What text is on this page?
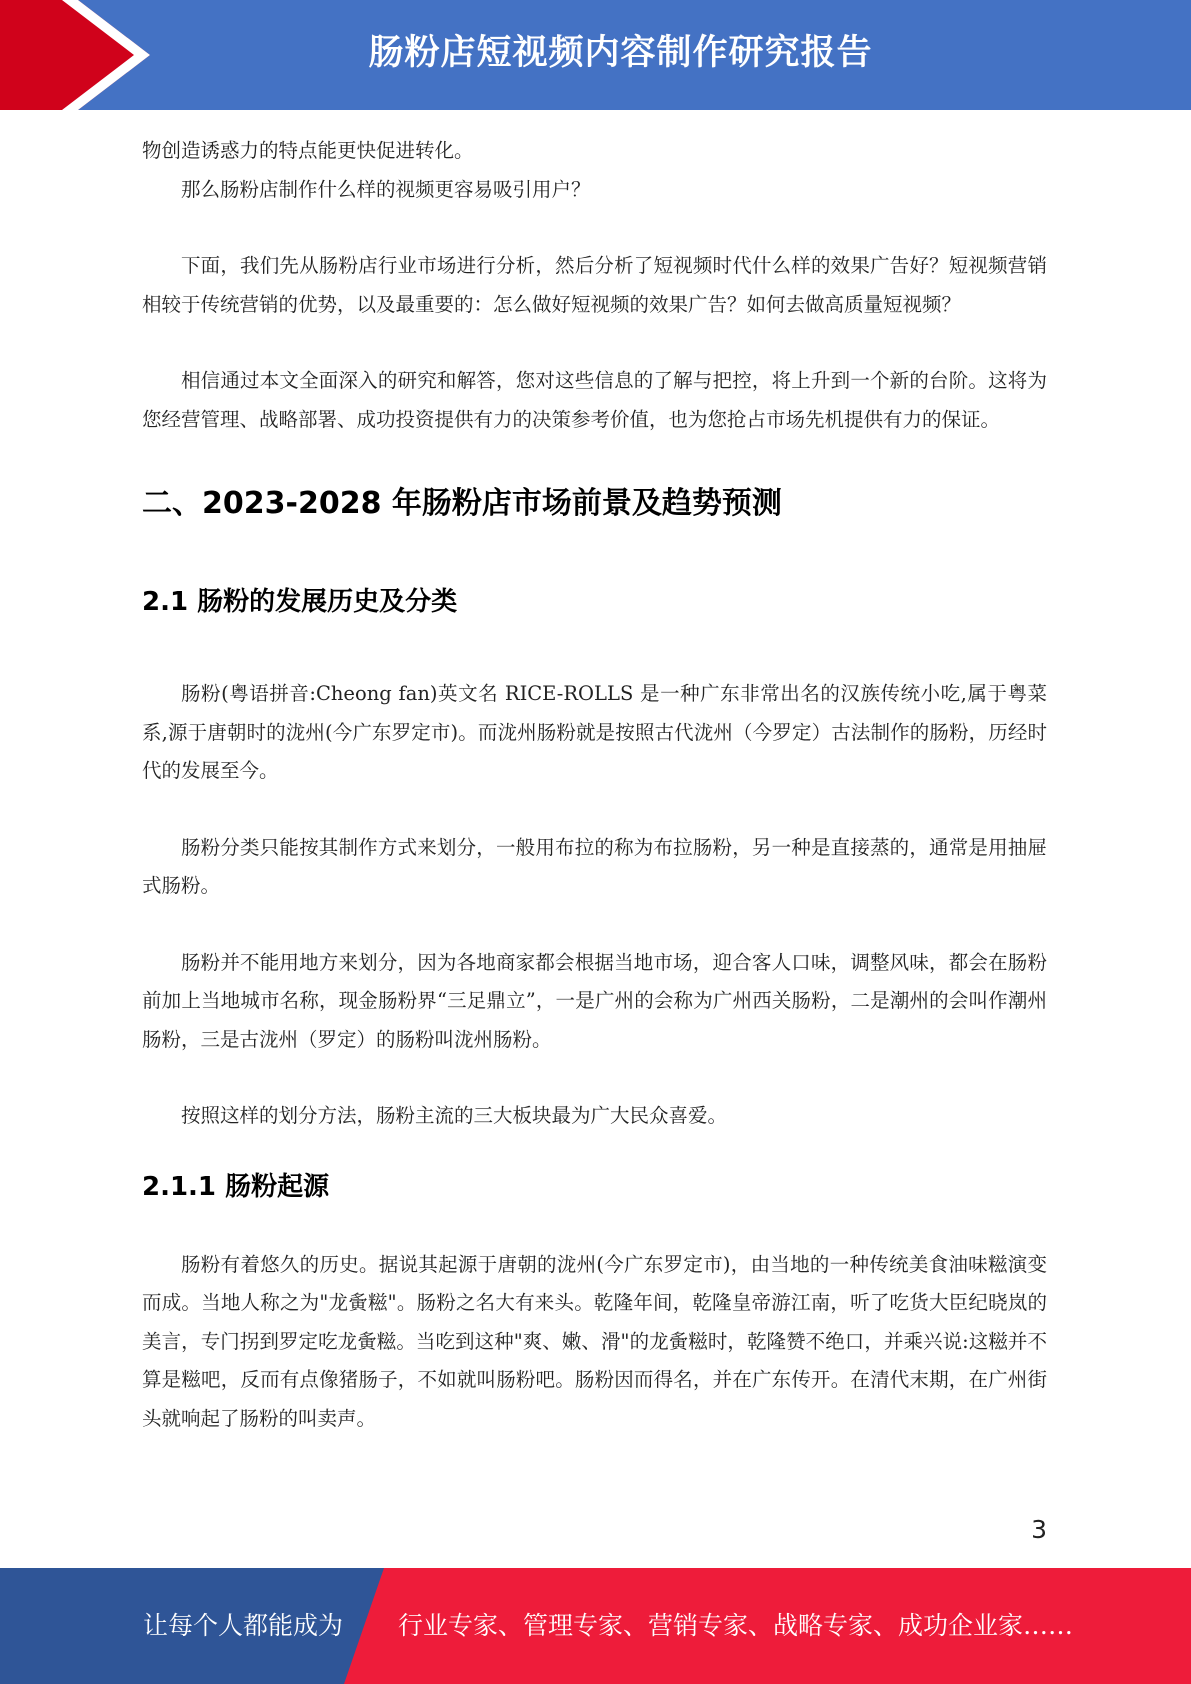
肠粉店短视频内容制作研究报告

物创造诱惑力的特点能更快促进转化。

那么肠粉店制作什么样的视频更容易吸引用户？

下面，我们先从肠粉店行业市场进行分析，然后分析了短视频时代什么样的效果广告好？短视频营销相较于传统营销的优势，以及最重要的：怎么做好短视频的效果广告？如何去做高质量短视频？

相信通过本文全面深入的研究和解答，您对这些信息的了解与把控，将上升到一个新的台阶。这将为您经营管理、战略部署、成功投资提供有力的决策参考价值，也为您抢占市场先机提供有力的保证。

二、2023-2028 年肠粉店市场前景及趋势预测
2.1 肠粉的发展历史及分类

肠粉(粤语拼音:Cheong fan)英文名 RICE-ROLLS 是一种广东非常出名的汉族传统小吃,属于粤菜系,源于唐朝时的泷州(今广东罗定市)。而泷州肠粉就是按照古代泷州（今罗定）古法制作的肠粉，历经时代的发展至今。

肠粉分类只能按其制作方式来划分，一般用布拉的称为布拉肠粉，另一种是直接蒸的，通常是用抽屉式肠粉。

肠粉并不能用地方来划分，因为各地商家都会根据当地市场，迎合客人口味，调整风味，都会在肠粉前加上当地城市名称，现金肠粉界“三足鼎立”，一是广州的会称为广州西关肠粉，二是潮州的会叫作潮州肠粉，三是古泷州（罗定）的肠粉叫泷州肠粉。

按照这样的划分方法，肠粉主流的三大板块最为广大民众喜爱。

2.1.1 肠粉起源

肠粉有着悠久的历史。据说其起源于唐朝的泷州(今广东罗定市)，由当地的一种传统美食油味糍演变而成。当地人称之为"龙夤糍"。肠粉之名大有来头。乾隆年间，乾隆皇帝游江南，听了吃货大臣纪晓岚的美言，专门拐到罗定吃龙夤糍。当吃到这种"爽、嫩、滑"的龙夤糍时，乾隆赞不绝口，并乘兴说:这糍并不算是糍吧，反而有点像猪肠子，不如就叫肠粉吧。肠粉因而得名，并在广东传开。在清代末期，在广州街头就响起了肠粉的叫卖声。

3
让每个人都能成为 行业专家、管理专家、营销专家、战略专家、成功企业家……
